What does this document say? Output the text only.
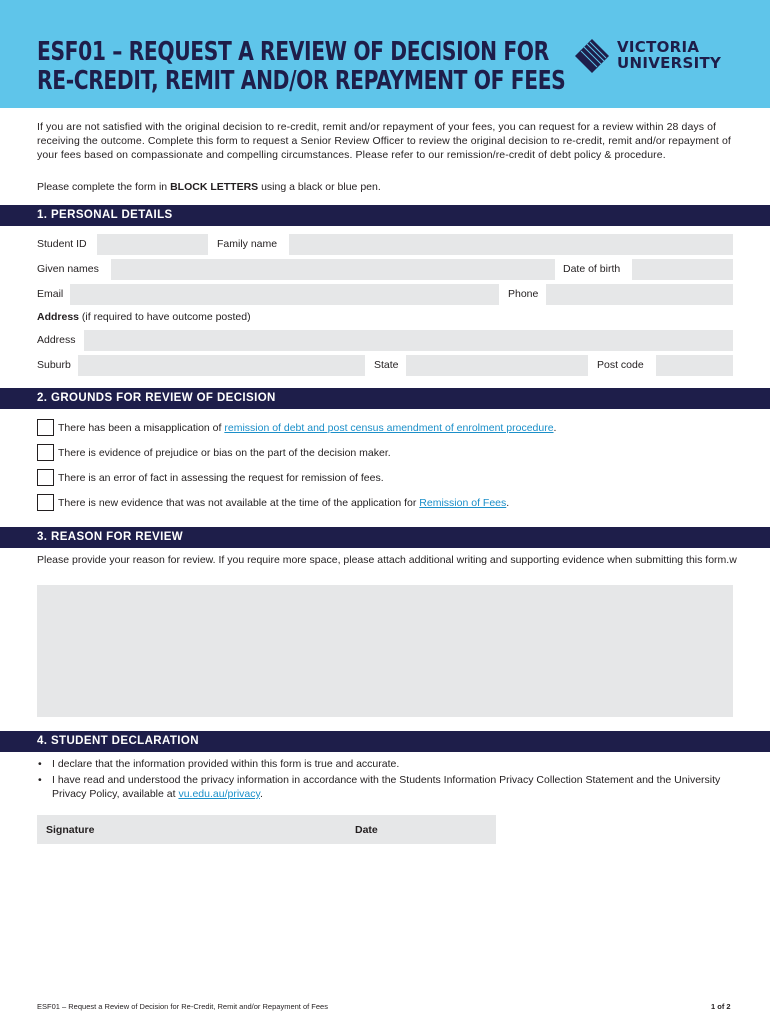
ESF01 – REQUEST A REVIEW OF DECISION FOR
RE-CREDIT, REMIT AND/OR REPAYMENT OF FEES
VICTORIA
UNIVERSITY
If you are not satisfied with the original decision to re-credit, remit and/or repayment of your fees, you can request for a review within 28 days of receiving the outcome. Complete this form to request a Senior Review Officer to review the original decision to re-credit, remit and/or repayment of your fees based on compassionate and compelling circumstances. Please refer to our remission/re-credit of debt policy & procedure.
Please complete the form in BLOCK LETTERS using a black or blue pen.
1. PERSONAL DETAILS
Student ID	Family name
Given names	Date of birth
Email	Phone
Address (if required to have outcome posted)
Address
Suburb	State	Post code
2. GROUNDS FOR REVIEW OF DECISION
There has been a misapplication of remission of debt and post census amendment of enrolment procedure.
There is evidence of prejudice or bias on the part of the decision maker.
There is an error of fact in assessing the request for remission of fees.
There is new evidence that was not available at the time of the application for Remission of Fees.
3. REASON FOR REVIEW
Please provide your reason for review. If you require more space, please attach additional writing and supporting evidence when submitting this form.w
4. STUDENT DECLARATION
• I declare that the information provided within this form is true and accurate.
• I have read and understood the privacy information in accordance with the Students Information Privacy Collection Statement and the University Privacy Policy, available at vu.edu.au/privacy.
Signature	Date
ESF01 – Request a Review of Decision for Re-Credit, Remit and/or Repayment of Fees	1 of 2
